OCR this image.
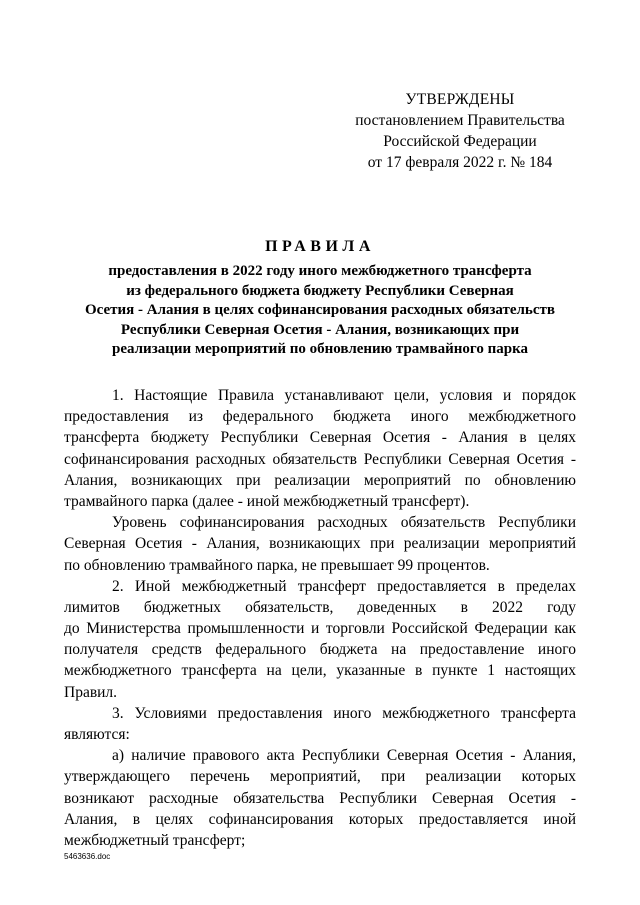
УТВЕРЖДЕНЫ
постановлением Правительства
Российской Федерации
от 17 февраля 2022 г. № 184
ПРАВИЛА
предоставления в 2022 году иного межбюджетного трансферта
из федерального бюджета бюджету Республики Северная
Осетия - Алания в целях софинансирования расходных обязательств
Республики Северная Осетия - Алания, возникающих при
реализации мероприятий по обновлению трамвайного парка
1. Настоящие Правила устанавливают цели, условия и порядок
предоставления из федерального бюджета иного межбюджетного
трансферта бюджету Республики Северная Осетия - Алания в целях
софинансирования расходных обязательств Республики Северная Осетия -
Алания, возникающих при реализации мероприятий по обновлению
трамвайного парка (далее - иной межбюджетный трансферт).
Уровень софинансирования расходных обязательств Республики
Северная Осетия - Алания, возникающих при реализации мероприятий
по обновлению трамвайного парка, не превышает 99 процентов.
2. Иной межбюджетный трансферт предоставляется в пределах
лимитов бюджетных обязательств, доведенных в 2022 году
до Министерства промышленности и торговли Российской Федерации как
получателя средств федерального бюджета на предоставление иного
межбюджетного трансферта на цели, указанные в пункте 1 настоящих
Правил.
3. Условиями предоставления иного межбюджетного трансферта
являются:
а) наличие правового акта Республики Северная Осетия - Алания,
утверждающего перечень мероприятий, при реализации которых
возникают расходные обязательства Республики Северная Осетия -
Алания, в целях софинансирования которых предоставляется иной
межбюджетный трансферт;
5463636.doc
